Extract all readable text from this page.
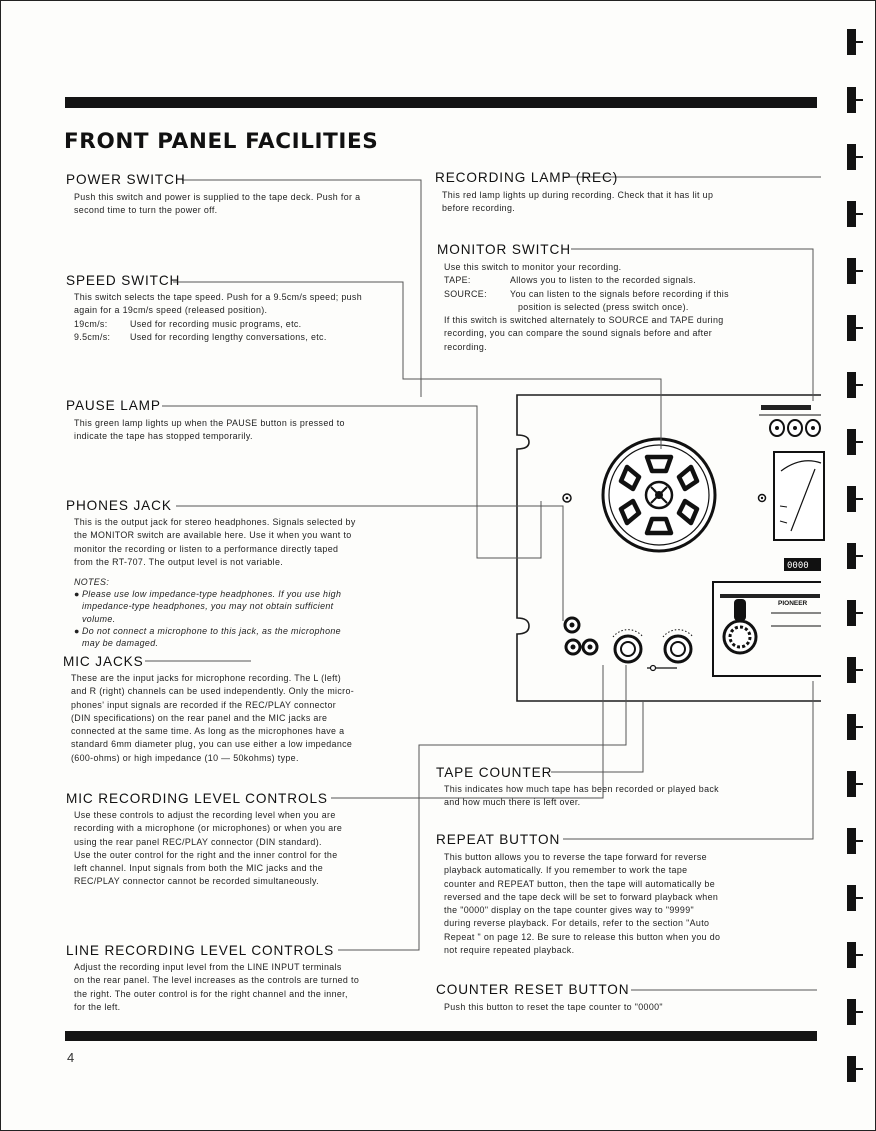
0000
PIONEER
FRONT PANEL FACILITIES
POWER SWITCH

Push this switch and power is supplied to the tape deck. Push for a

second time to turn the power off.

SPEED SWITCH

This switch selects the tape speed. Push for a 9.5cm/s speed; push

again for a 19cm/s speed (released position).

19cm/s:	Used for recording music programs, etc.
9.5cm/s:	Used for recording lengthy conversations, etc.
PAUSE LAMP

This green lamp lights up when the PAUSE button is pressed to

indicate the tape has stopped temporarily.

PHONES JACK

This is the output jack for stereo headphones. Signals selected by

the MONITOR switch are available here. Use it when you want to

monitor the recording or listen to a performance directly taped

from the RT-707. The output level is not variable.

NOTES:

● Please use low impedance-type headphones. If you use high
impedance-type headphones, you may not obtain sufficient
volume.
● Do not connect a microphone to this jack, as the microphone
may be damaged.
MIC JACKS

These are the input jacks for microphone recording. The L (left)

and R (right) channels can be used independently. Only the micro-

phones' input signals are recorded if the REC/PLAY connector

(DIN specifications) on the rear panel and the MIC jacks are

connected at the same time. As long as the microphones have a

standard 6mm diameter plug, you can use either a low impedance

(600-ohms) or high impedance (10 — 50kohms) type.

MIC RECORDING LEVEL CONTROLS

Use these controls to adjust the recording level when you are

recording with a microphone (or microphones) or when you are

using the rear panel REC/PLAY connector (DIN standard).

Use the outer control for the right and the inner control for the

left channel. Input signals from both the MIC jacks and the

REC/PLAY connector cannot be recorded simultaneously.

LINE RECORDING LEVEL CONTROLS

Adjust the recording input level from the LINE INPUT terminals

on the rear panel. The level increases as the controls are turned to

the right. The outer control is for the right channel and the inner,

for the left.

RECORDING LAMP (REC)

This red lamp lights up during recording. Check that it has lit up

before recording.

MONITOR SWITCH

Use this switch to monitor your recording.

TAPE:	Allows you to listen to the recorded signals.
SOURCE:	You can listen to the signals before recording if this
position is selected (press switch once).

If this switch is switched alternately to SOURCE and TAPE during

recording, you can compare the sound signals before and after

recording.

TAPE COUNTER

This indicates how much tape has been recorded or played back

and how much there is left over.

REPEAT BUTTON

This button allows you to reverse the tape forward for reverse

playback automatically. If you remember to work the tape

counter and REPEAT button, then the tape will automatically be

reversed and the tape deck will be set to forward playback when

the "0000" display on the tape counter gives way to "9999"

during reverse playback. For details, refer to the section "Auto

Repeat " on page 12. Be sure to release this button when you do

not require repeated playback.

COUNTER RESET BUTTON

Push this button to reset the tape counter to "0000"

4
